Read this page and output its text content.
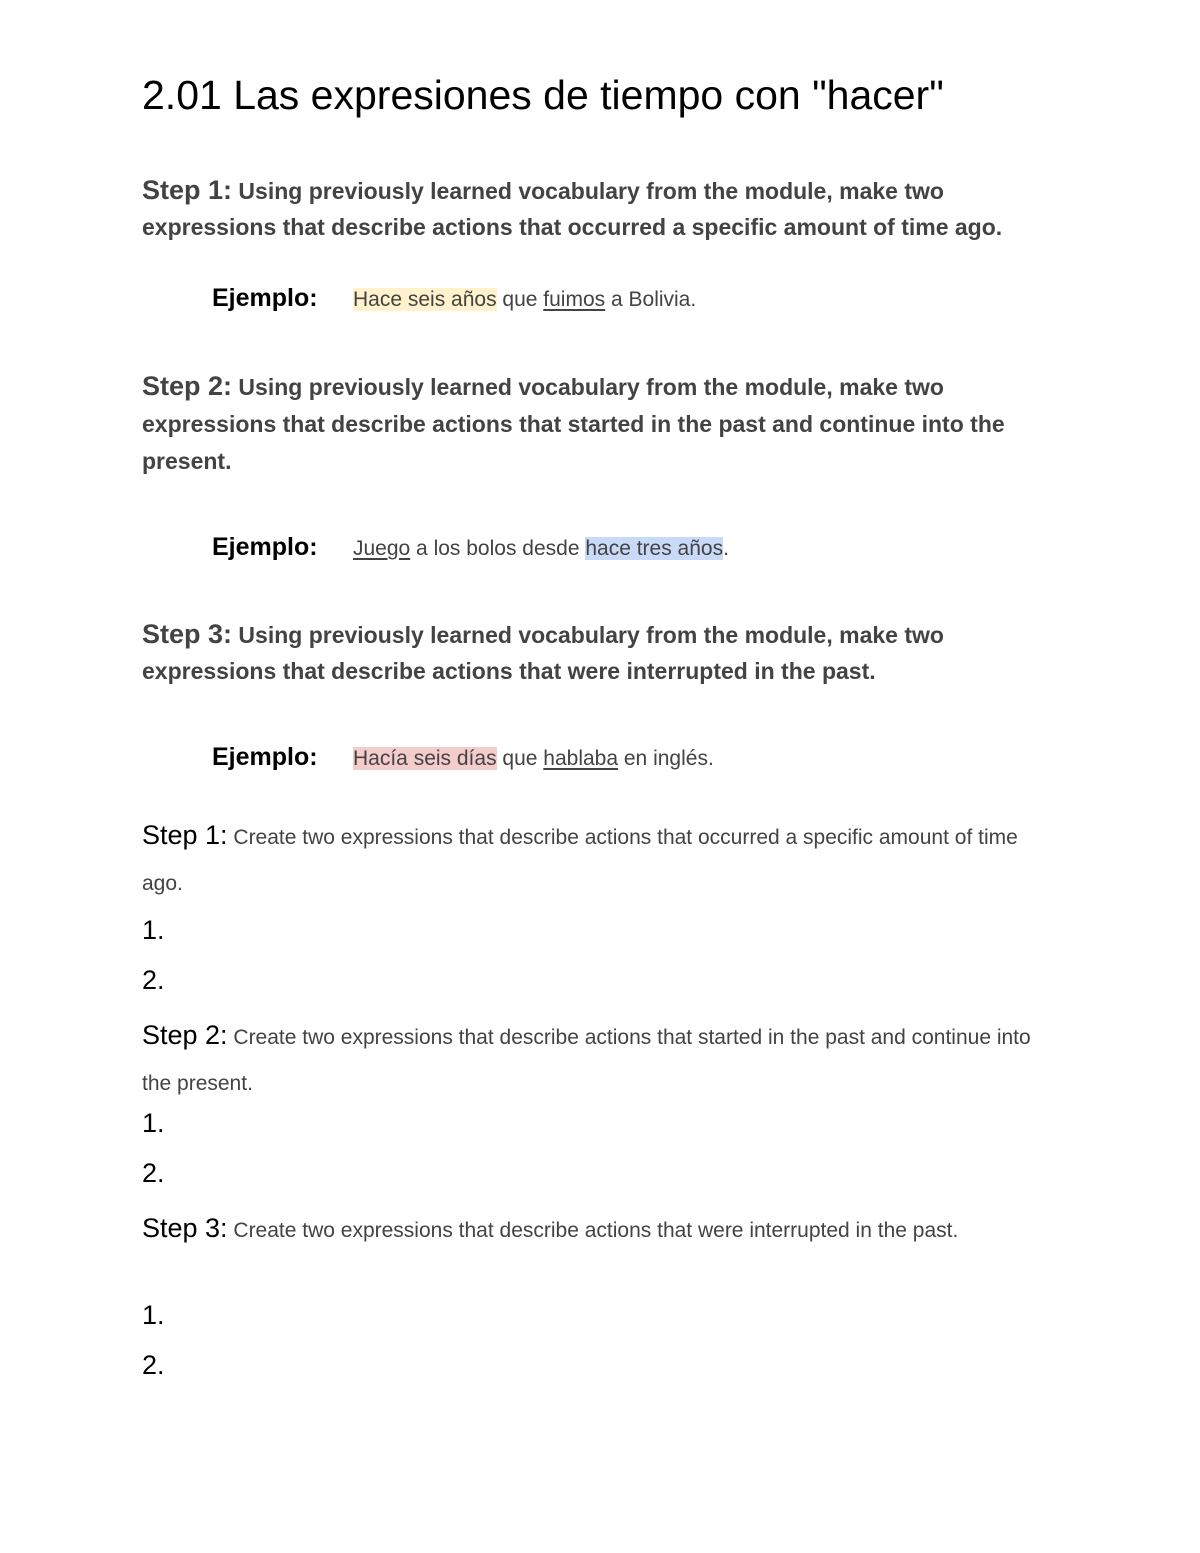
2.01 Las expresiones de tiempo con "hacer"

Step 1: Using previously learned vocabulary from the module, make two expressions that describe actions that occurred a specific amount of time ago.

Ejemplo: Hace seis años que fuimos a Bolivia.

Step 2: Using previously learned vocabulary from the module, make two expressions that describe actions that started in the past and continue into the present.

Ejemplo: Juego a los bolos desde hace tres años.

Step 3: Using previously learned vocabulary from the module, make two expressions that describe actions that were interrupted in the past.

Ejemplo: Hacía seis días que hablaba en inglés.

Step 1: Create two expressions that describe actions that occurred a specific amount of time ago.

1.

2.

Step 2: Create two expressions that describe actions that started in the past and continue into the present.

1.

2.

Step 3: Create two expressions that describe actions that were interrupted in the past.

1.

2.
